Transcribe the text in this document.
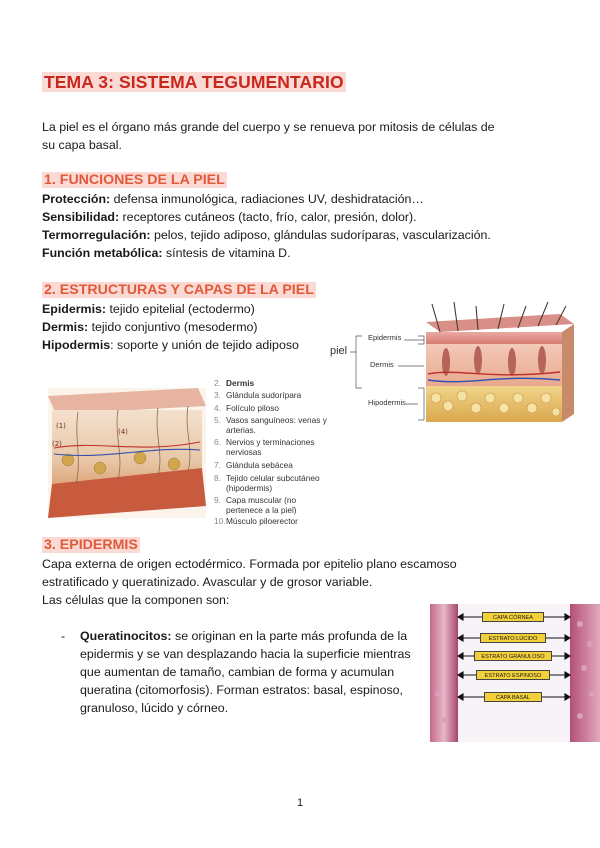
TEMA 3: SISTEMA TEGUMENTARIO
La piel es el órgano más grande del cuerpo y se renueva por mitosis de células de
su capa basal.
1. FUNCIONES DE LA PIEL
Protección: defensa inmunológica, radiaciones UV, deshidratación…
Sensibilidad: receptores cutáneos (tacto, frío, calor, presión, dolor).
Termorregulación: pelos, tejido adiposo, glándulas sudoríparas, vascularización.
Función metabólica: síntesis de vitamina D.
2. ESTRUCTURAS Y CAPAS DE LA PIEL
Epidermis: tejido epitelial (ectodermo)
Dermis: tejido conjuntivo (mesodermo)
Hipodermis: soporte y unión de tejido adiposo	piel
Epidermis
Dermis
Hipodermis
(1)
(2)
(4)
2. Dermis
3. Glándula sudorípara
4. Folículo piloso
5. Vasos sanguíneos: venas y
arterias.
6. Nervios y terminaciones
nerviosas
7. Glándula sebácea
8. Tejido celular subcutáneo
(hipodermis)
9. Capa muscular (no
pertenece a la piel)
10.Músculo piloerector
3. EPIDERMIS
Capa externa de origen ectodérmico. Formada por epitelio plano escamoso
estratificado y queratinizado. Avascular y de grosor variable.
Las células que la componen son:
- Queratinocitos: se originan en la parte más profunda de la
epidermis y se van desplazando hacia la superficie mientras
que aumentan de tamaño, cambian de forma y acumulan
queratina (citomorfosis). Forman estratos: basal, espinoso,
granuloso, lúcido y córneo.
CAPA CÓRNEA
ESTRATO LÚCIDO
ESTRATO GRANULOSO
ESTRATO ESPINOSO
CAPA BASAL
1
